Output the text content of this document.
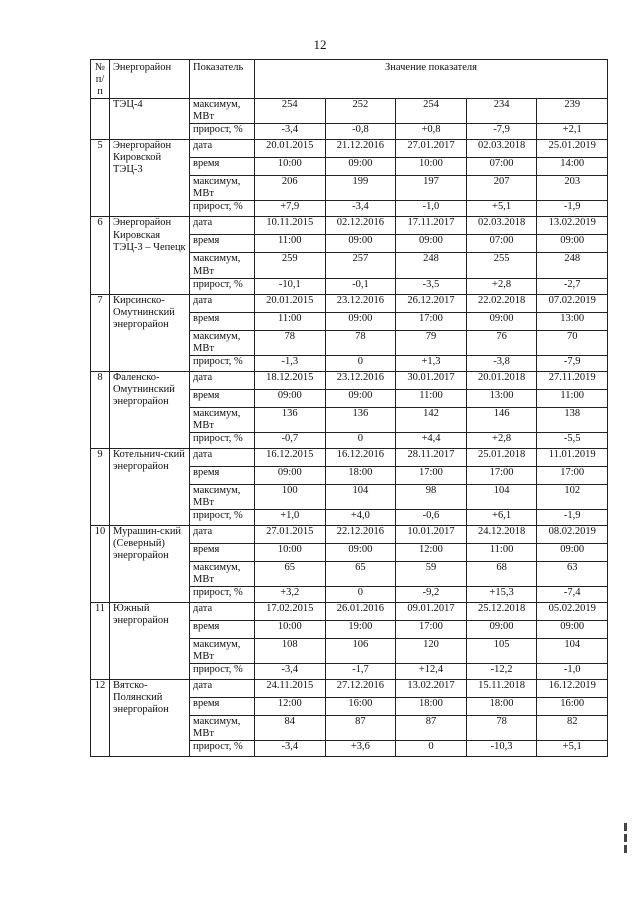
12
№ п/п	Энергорайон	Показатель	Значение показателя				
	ТЭЦ-4	максимум, МВт	254	252	254	234	239
		прирост, %	-3,4	-0,8	+0,8	-7,9	+2,1
5	Энергорайон Кировской ТЭЦ-3	дата	20.01.2015	21.12.2016	27.01.2017	02.03.2018	25.01.2019
		время	10:00	09:00	10:00	07:00	14:00
		максимум, МВт	206	199	197	207	203
		прирост, %	+7,9	-3,4	-1,0	+5,1	-1,9
6	Энергорайон Кировская ТЭЦ-3 – Чепецк	дата	10.11.2015	02.12.2016	17.11.2017	02.03.2018	13.02.2019
		время	11:00	09:00	09:00	07:00	09:00
		максимум, МВт	259	257	248	255	248
		прирост, %	-10,1	-0,1	-3,5	+2,8	-2,7
7	Кирсинско-Омутнинский энергорайон	дата	20.01.2015	23.12.2016	26.12.2017	22.02.2018	07.02.2019
		время	11:00	09:00	17:00	09:00	13:00
		максимум, МВт	78	78	79	76	70
		прирост, %	-1,3	0	+1,3	-3,8	-7,9
8	Фаленско-Омутнинский энергорайон	дата	18.12.2015	23.12.2016	30.01.2017	20.01.2018	27.11.2019
		время	09:00	09:00	11:00	13:00	11:00
		максимум, МВт	136	136	142	146	138
		прирост, %	-0,7	0	+4,4	+2,8	-5,5
9	Котельнич-ский энергорайон	дата	16.12.2015	16.12.2016	28.11.2017	25.01.2018	11.01.2019
		время	09:00	18:00	17:00	17:00	17:00
		максимум, МВт	100	104	98	104	102
		прирост, %	+1,0	+4,0	-0,6	+6,1	-1,9
10	Мурашин-ский (Северный) энергорайон	дата	27.01.2015	22.12.2016	10.01.2017	24.12.2018	08.02.2019
		время	10:00	09:00	12:00	11:00	09:00
		максимум, МВт	65	65	59	68	63
		прирост, %	+3,2	0	-9,2	+15,3	-7,4
11	Южный энергорайон	дата	17.02.2015	26.01.2016	09.01.2017	25.12.2018	05.02.2019
		время	10:00	19:00	17:00	09:00	09:00
		максимум, МВт	108	106	120	105	104
		прирост, %	-3,4	-1,7	+12,4	-12,2	-1,0
12	Вятско-Полянский энергорайон	дата	24.11.2015	27.12.2016	13.02.2017	15.11.2018	16.12.2019
		время	12:00	16:00	18:00	18:00	16:00
		максимум, МВт	84	87	87	78	82
		прирост, %	-3,4	+3,6	0	-10,3	+5,1
